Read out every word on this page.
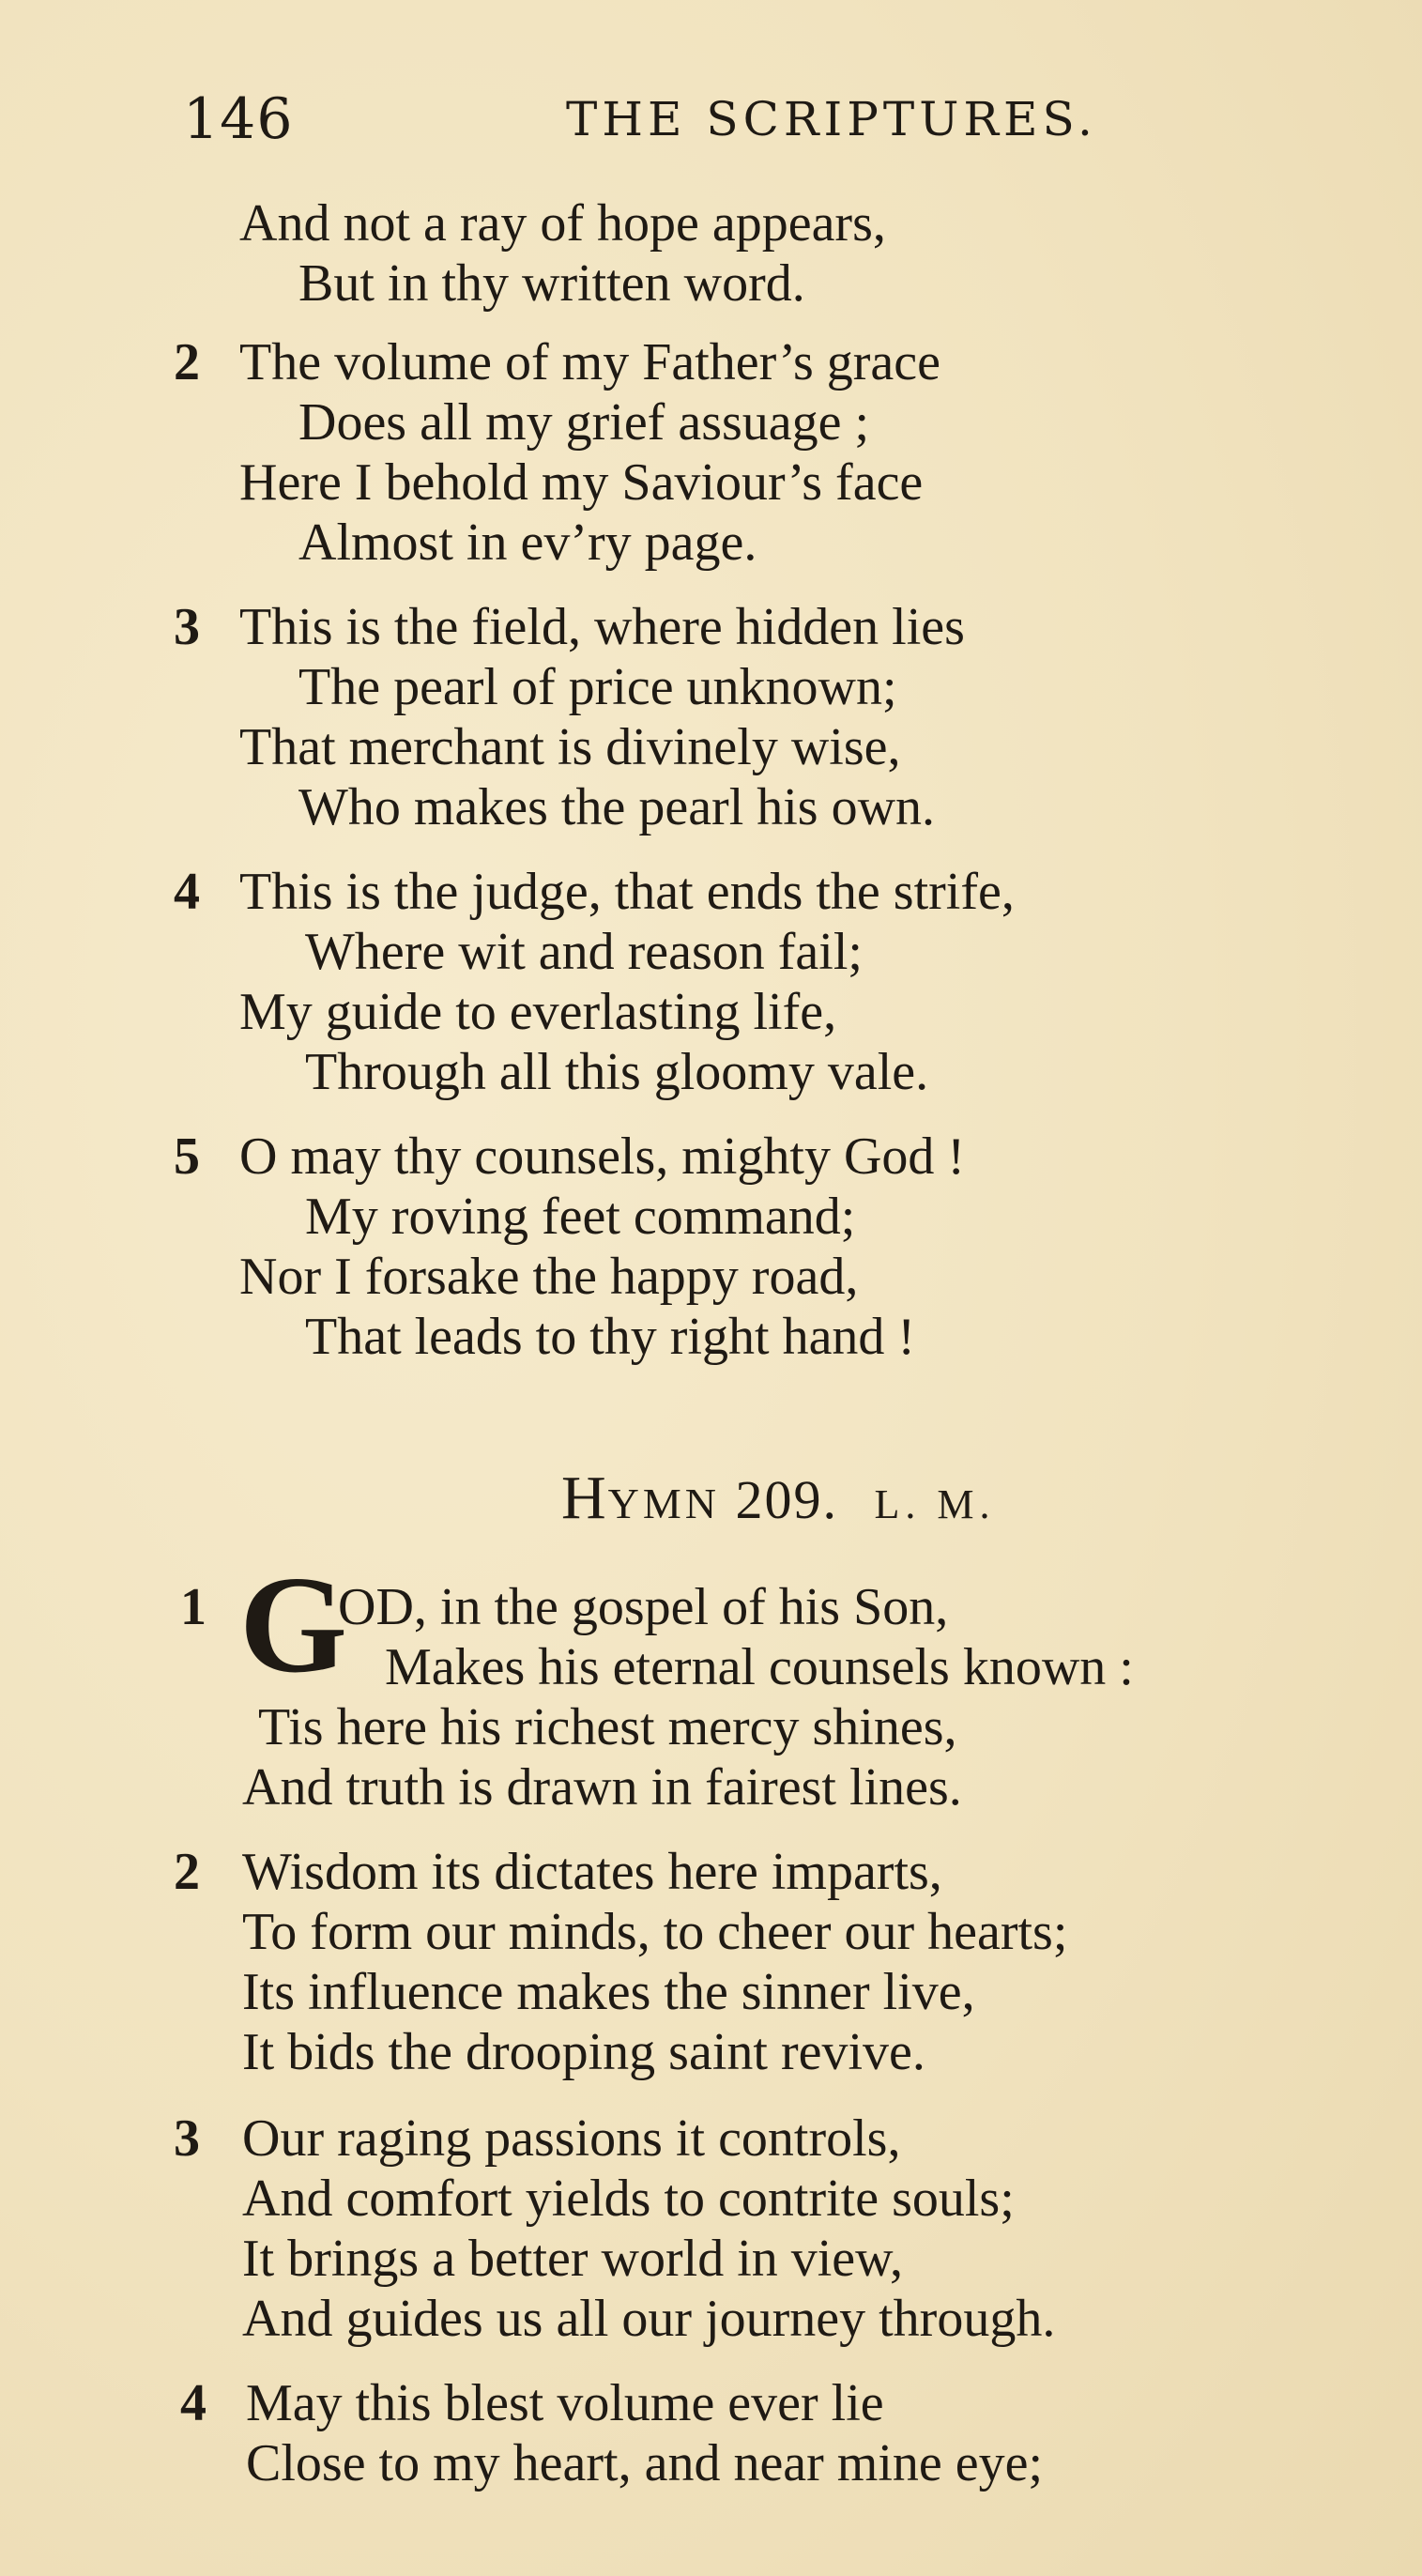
146	THE SCRIPTURES.
And not a ray of hope appears,
But in thy written word.
2 The volume of my Father’s grace
Does all my grief assuage ;
Here I behold my Saviour’s face
Almost in ev’ry page.
3 This is the field, where hidden lies
The pearl of price unknown;
That merchant is divinely wise,
Who makes the pearl his own.
4 This is the judge, that ends the strife,
Where wit and reason fail;
My guide to everlasting life,
Through all this gloomy vale.
5 O may thy counsels, mighty God !
My roving feet command;
Nor I forsake the happy road,
That leads to thy right hand !
HYMN 209. L. M.
1 G
OD, in the gospel of his Son,
Makes his eternal counsels known :
Tis here his richest mercy shines,
And truth is drawn in fairest lines.
2 Wisdom its dictates here imparts,
To form our minds, to cheer our hearts;
Its influence makes the sinner live,
It bids the drooping saint revive.
3 Our raging passions it controls,
And comfort yields to contrite souls;
It brings a better world in view,
And guides us all our journey through.
4 May this blest volume ever lie
Close to my heart, and near mine eye;
